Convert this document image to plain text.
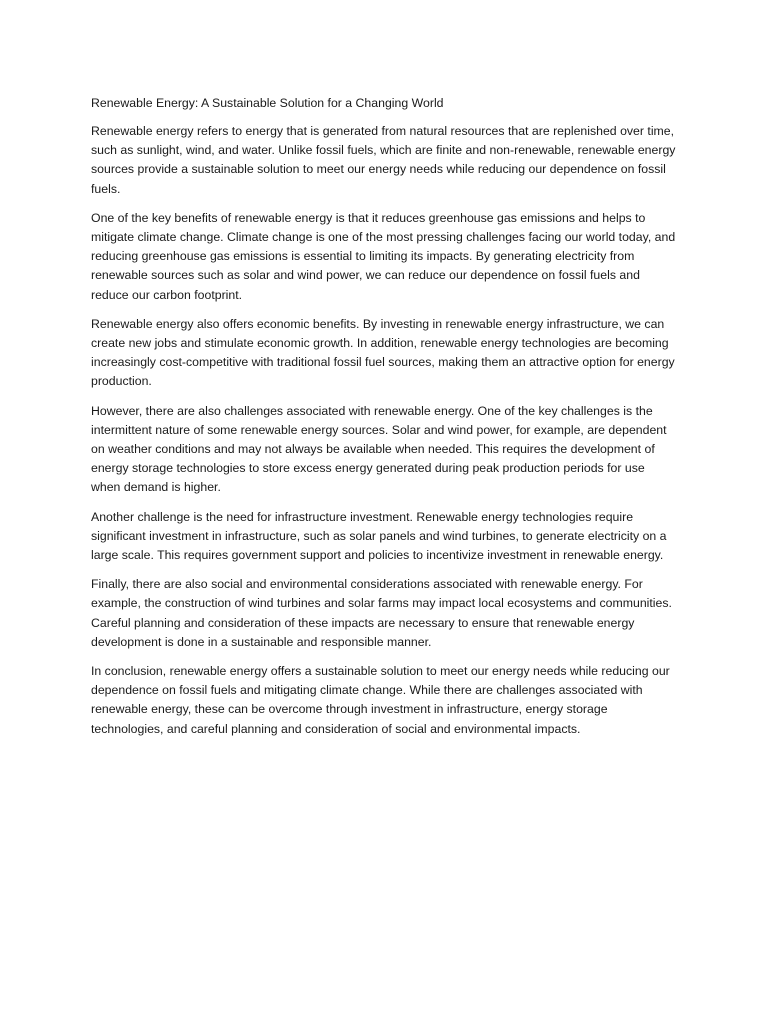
Renewable Energy: A Sustainable Solution for a Changing World

Renewable energy refers to energy that is generated from natural resources that are replenished over time, such as sunlight, wind, and water. Unlike fossil fuels, which are finite and non-renewable, renewable energy sources provide a sustainable solution to meet our energy needs while reducing our dependence on fossil fuels.

One of the key benefits of renewable energy is that it reduces greenhouse gas emissions and helps to mitigate climate change. Climate change is one of the most pressing challenges facing our world today, and reducing greenhouse gas emissions is essential to limiting its impacts. By generating electricity from renewable sources such as solar and wind power, we can reduce our dependence on fossil fuels and reduce our carbon footprint.

Renewable energy also offers economic benefits. By investing in renewable energy infrastructure, we can create new jobs and stimulate economic growth. In addition, renewable energy technologies are becoming increasingly cost-competitive with traditional fossil fuel sources, making them an attractive option for energy production.

However, there are also challenges associated with renewable energy. One of the key challenges is the intermittent nature of some renewable energy sources. Solar and wind power, for example, are dependent on weather conditions and may not always be available when needed. This requires the development of energy storage technologies to store excess energy generated during peak production periods for use when demand is higher.

Another challenge is the need for infrastructure investment. Renewable energy technologies require significant investment in infrastructure, such as solar panels and wind turbines, to generate electricity on a large scale. This requires government support and policies to incentivize investment in renewable energy.

Finally, there are also social and environmental considerations associated with renewable energy. For example, the construction of wind turbines and solar farms may impact local ecosystems and communities. Careful planning and consideration of these impacts are necessary to ensure that renewable energy development is done in a sustainable and responsible manner.

In conclusion, renewable energy offers a sustainable solution to meet our energy needs while reducing our dependence on fossil fuels and mitigating climate change. While there are challenges associated with renewable energy, these can be overcome through investment in infrastructure, energy storage technologies, and careful planning and consideration of social and environmental impacts.
